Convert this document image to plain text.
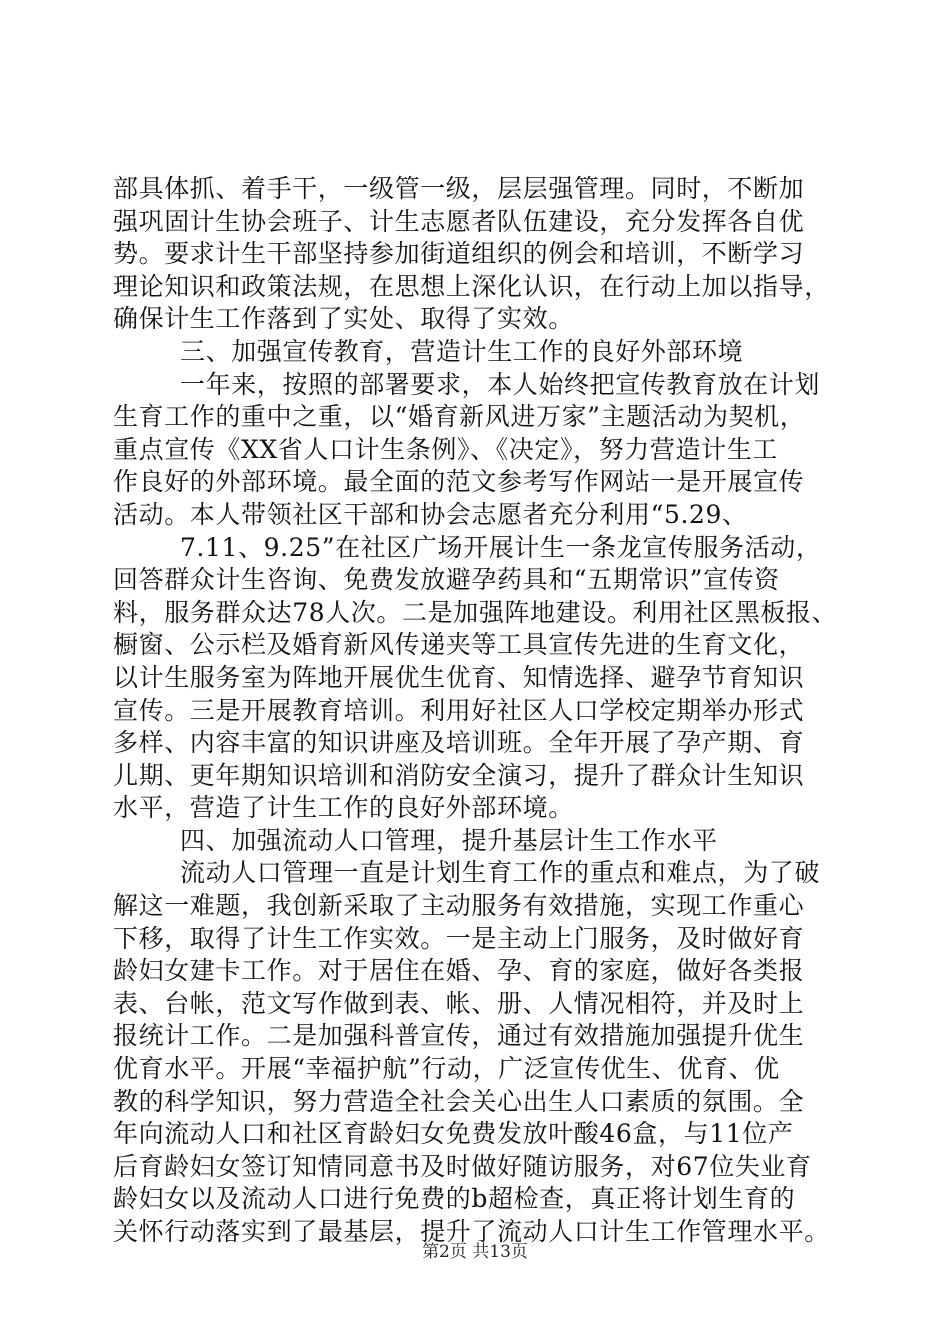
部具体抓、着手干，一级管一级，层层强管理。同时，不断加
强巩固计生协会班子、计生志愿者队伍建设，充分发挥各自优
势。要求计生干部坚持参加街道组织的例会和培训，不断学习
理论知识和政策法规，在思想上深化认识，在行动上加以指导，
确保计生工作落到了实处、取得了实效。
三、加强宣传教育，营造计生工作的良好外部环境
一年来，按照的部署要求，本人始终把宣传教育放在计划
生育工作的重中之重，以“婚育新风进万家”主题活动为契机，
重点宣传《XX省人口计生条例》、《决定》，努力营造计生工
作良好的外部环境。最全面的范文参考写作网站一是开展宣传
活动。本人带领社区干部和协会志愿者充分利用“5.29、
7.11、9.25”在社区广场开展计生一条龙宣传服务活动，
回答群众计生咨询、免费发放避孕药具和“五期常识”宣传资
料，服务群众达78人次。二是加强阵地建设。利用社区黑板报、
橱窗、公示栏及婚育新风传递夹等工具宣传先进的生育文化，
以计生服务室为阵地开展优生优育、知情选择、避孕节育知识
宣传。三是开展教育培训。利用好社区人口学校定期举办形式
多样、内容丰富的知识讲座及培训班。全年开展了孕产期、育
儿期、更年期知识培训和消防安全演习，提升了群众计生知识
水平，营造了计生工作的良好外部环境。
四、加强流动人口管理，提升基层计生工作水平
流动人口管理一直是计划生育工作的重点和难点，为了破
解这一难题，我创新采取了主动服务有效措施，实现工作重心
下移，取得了计生工作实效。一是主动上门服务，及时做好育
龄妇女建卡工作。对于居住在婚、孕、育的家庭，做好各类报
表、台帐，范文写作做到表、帐、册、人情况相符，并及时上
报统计工作。二是加强科普宣传，通过有效措施加强提升优生
优育水平。开展“幸福护航”行动，广泛宣传优生、优育、优
教的科学知识，努力营造全社会关心出生人口素质的氛围。全
年向流动人口和社区育龄妇女免费发放叶酸46盒，与11位产
后育龄妇女签订知情同意书及时做好随访服务，对67位失业育
龄妇女以及流动人口进行免费的b超检查，真正将计划生育的
关怀行动落实到了最基层，提升了流动人口计生工作管理水平。
第2页 共13页
